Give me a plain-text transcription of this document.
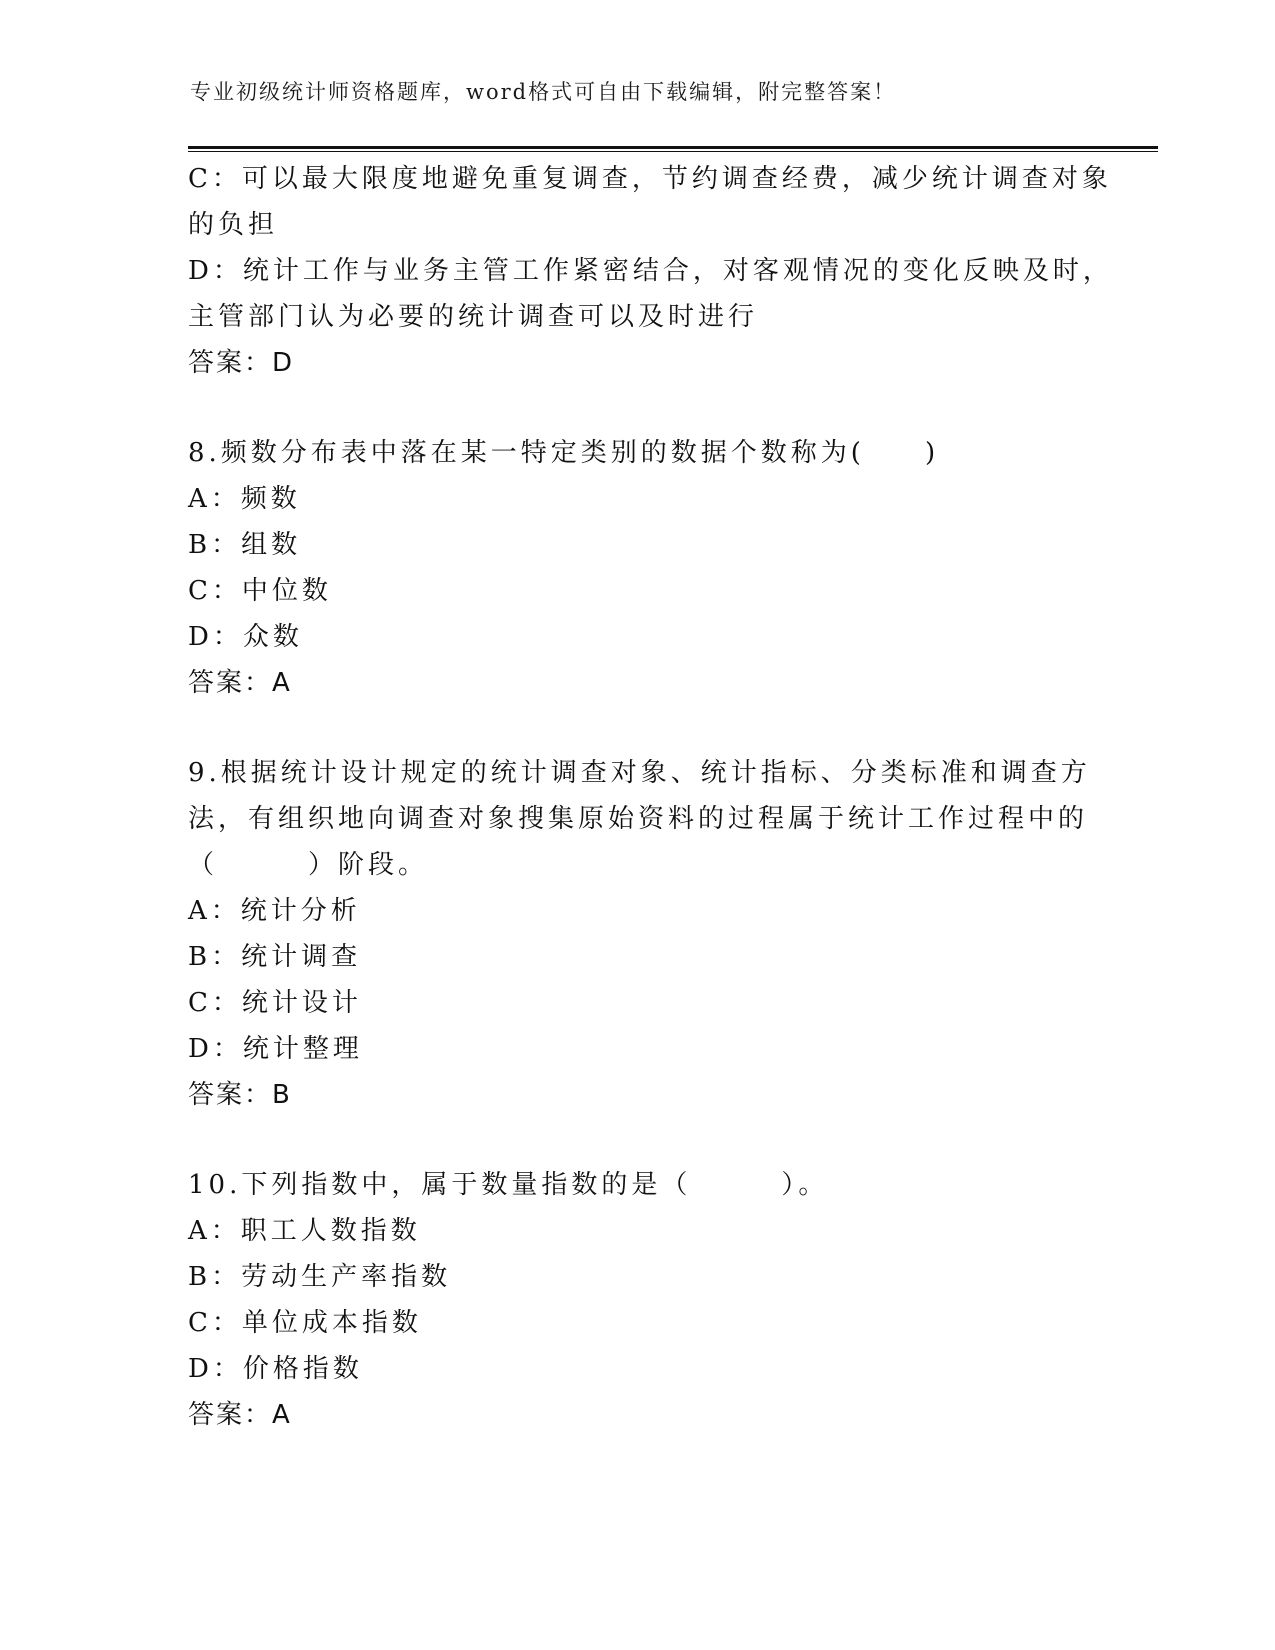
专业初级统计师资格题库，word格式可自由下载编辑，附完整答案！
C：可以最大限度地避免重复调查，节约调查经费，减少统计调查对象
的负担
D：统计工作与业务主管工作紧密结合，对客观情况的变化反映及时，
主管部门认为必要的统计调查可以及时进行
答案：D
8.频数分布表中落在某一特定类别的数据个数称为(　　)
A：频数
B：组数
C：中位数
D：众数
答案：A
9.根据统计设计规定的统计调查对象、统计指标、分类标准和调查方
法，有组织地向调查对象搜集原始资料的过程属于统计工作过程中的
（　　　）阶段。
A：统计分析
B：统计调查
C：统计设计
D：统计整理
答案：B
10.下列指数中，属于数量指数的是（　　　）。
A：职工人数指数
B：劳动生产率指数
C：单位成本指数
D：价格指数
答案：A
